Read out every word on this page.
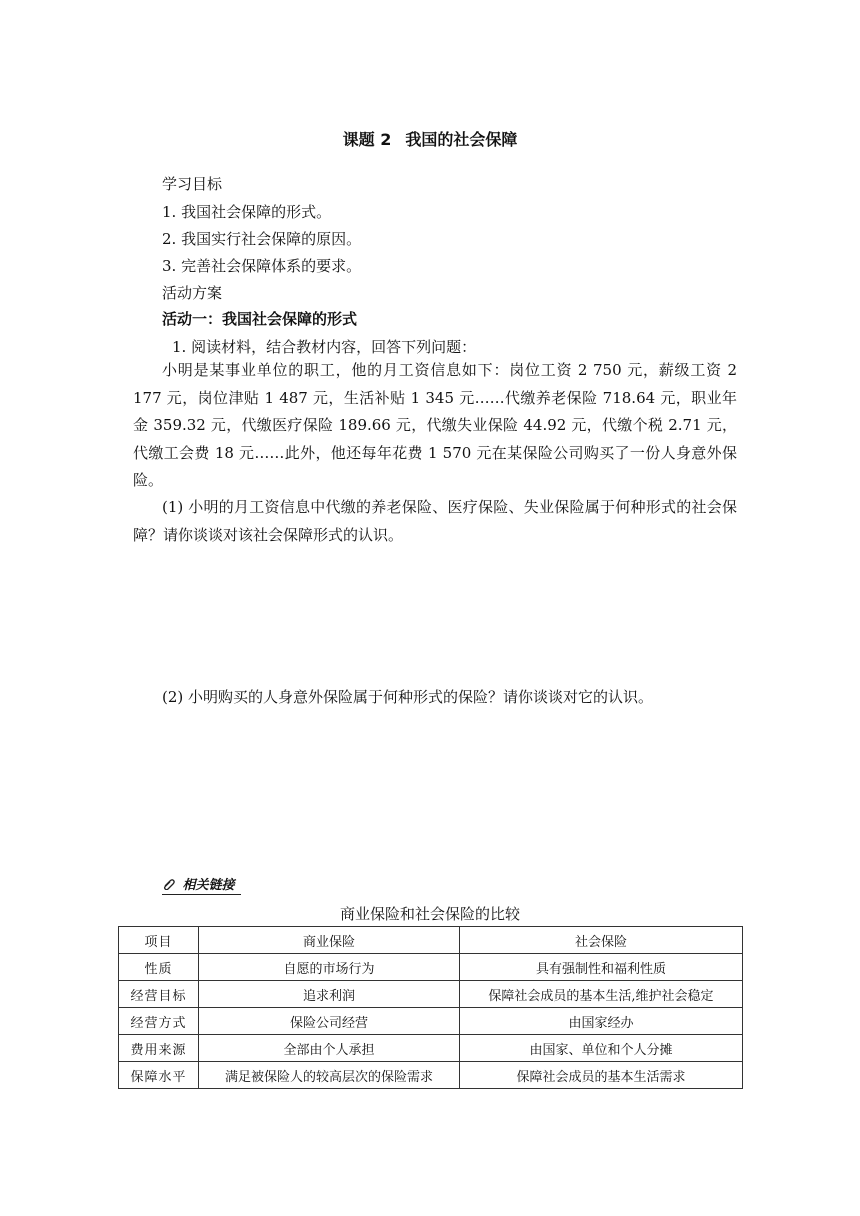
课题 2 我国的社会保障
学习目标
1. 我国社会保障的形式。
2. 我国实行社会保障的原因。
3. 完善社会保障体系的要求。
活动方案
活动一：我国社会保障的形式
1. 阅读材料，结合教材内容，回答下列问题：

小明是某事业单位的职工，他的月工资信息如下：岗位工资 2 750 元，薪级工资 2 177 元，岗位津贴 1 487 元，生活补贴 1 345 元……代缴养老保险 718.64 元，职业年金 359.32 元，代缴医疗保险 189.66 元，代缴失业保险 44.92 元，代缴个税 2.71 元，代缴工会费 18 元……此外，他还每年花费 1 570 元在某保险公司购买了一份人身意外保险。

(1) 小明的月工资信息中代缴的养老保险、医疗保险、失业保险属于何种形式的社会保障？请你谈谈对该社会保障形式的认识。

(2) 小明购买的人身意外保险属于何种形式的保险？请你谈谈对它的认识。
相关链接
商业保险和社会保险的比较
项目	商业保险	社会保险
性质	自愿的市场行为	具有强制性和福利性质
经营目标	追求利润	保障社会成员的基本生活,维护社会稳定
经营方式	保险公司经营	由国家经办
费用来源	全部由个人承担	由国家、单位和个人分摊
保障水平	满足被保险人的较高层次的保险需求	保障社会成员的基本生活需求
